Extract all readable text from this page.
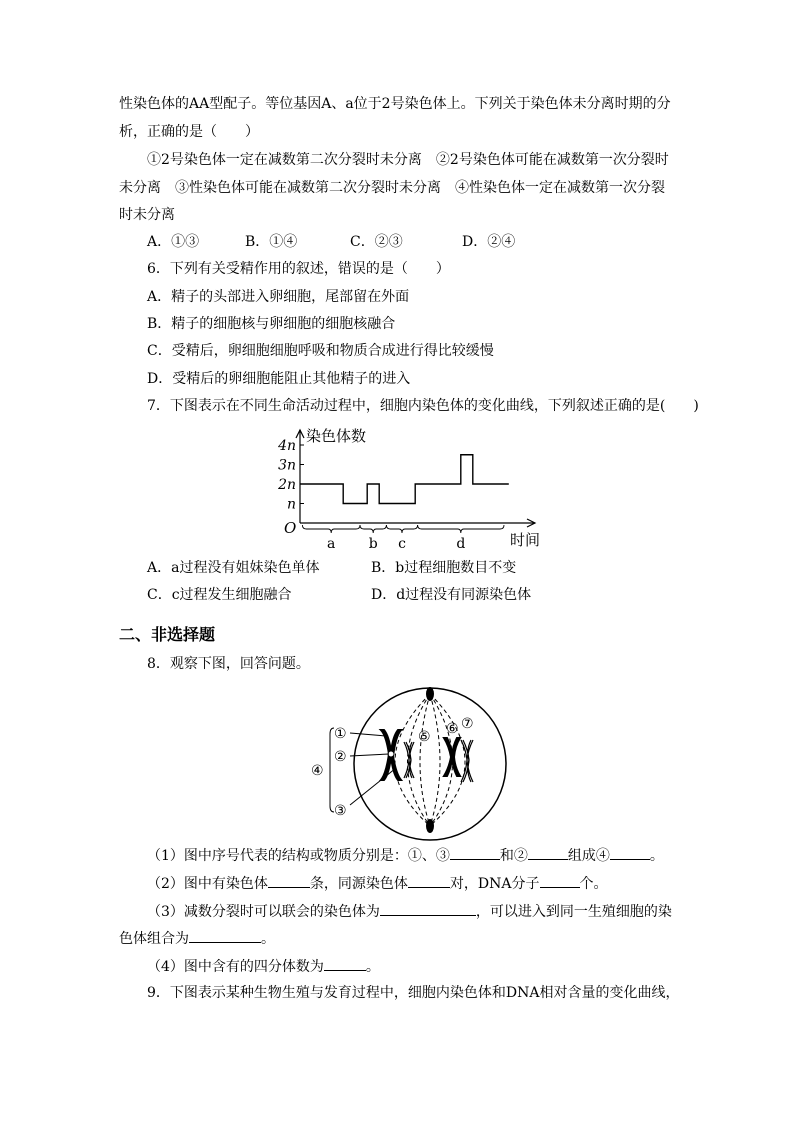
性染色体的AA型配子。等位基因A、a位于2号染色体上。下列关于染色体未分离时期的分
析，正确的是（　　）
①2号染色体一定在减数第二次分裂时未分离　②2号染色体可能在减数第一次分裂时
未分离　③性染色体可能在减数第二次分裂时未分离　④性染色体一定在减数第一次分裂
时未分离
A．①③	B．①④	C．②③	D．②④
6．下列有关受精作用的叙述，错误的是（　　）
A．精子的头部进入卵细胞，尾部留在外面
B．精子的细胞核与卵细胞的细胞核融合
C．受精后，卵细胞细胞呼吸和物质合成进行得比较缓慢
D．受精后的卵细胞能阻止其他精子的进入
7．下图表示在不同生命活动过程中，细胞内染色体的变化曲线，下列叙述正确的是(　　)
4n
3n
2n
n
染色体数
O
时间
a b c	d
A．a过程没有姐妹染色单体	B．b过程细胞数目不变
C．c过程发生细胞融合	D．d过程没有同源染色体
二、非选择题
8．观察下图，回答问题。
①
②
③
④
⑤ ⑥ ⑦
（1）图中序号代表的结构或物质分别是：①、③	和②	组成④	。
（2）图中有染色体	条，同源染色体	对，DNA分子	个。
（3）减数分裂时可以联会的染色体为	，可以进入到同一生殖细胞的染
色体组合为	。
（4）图中含有的四分体数为	。
9．下图表示某种生物生殖与发育过程中，细胞内染色体和DNA相对含量的变化曲线，
